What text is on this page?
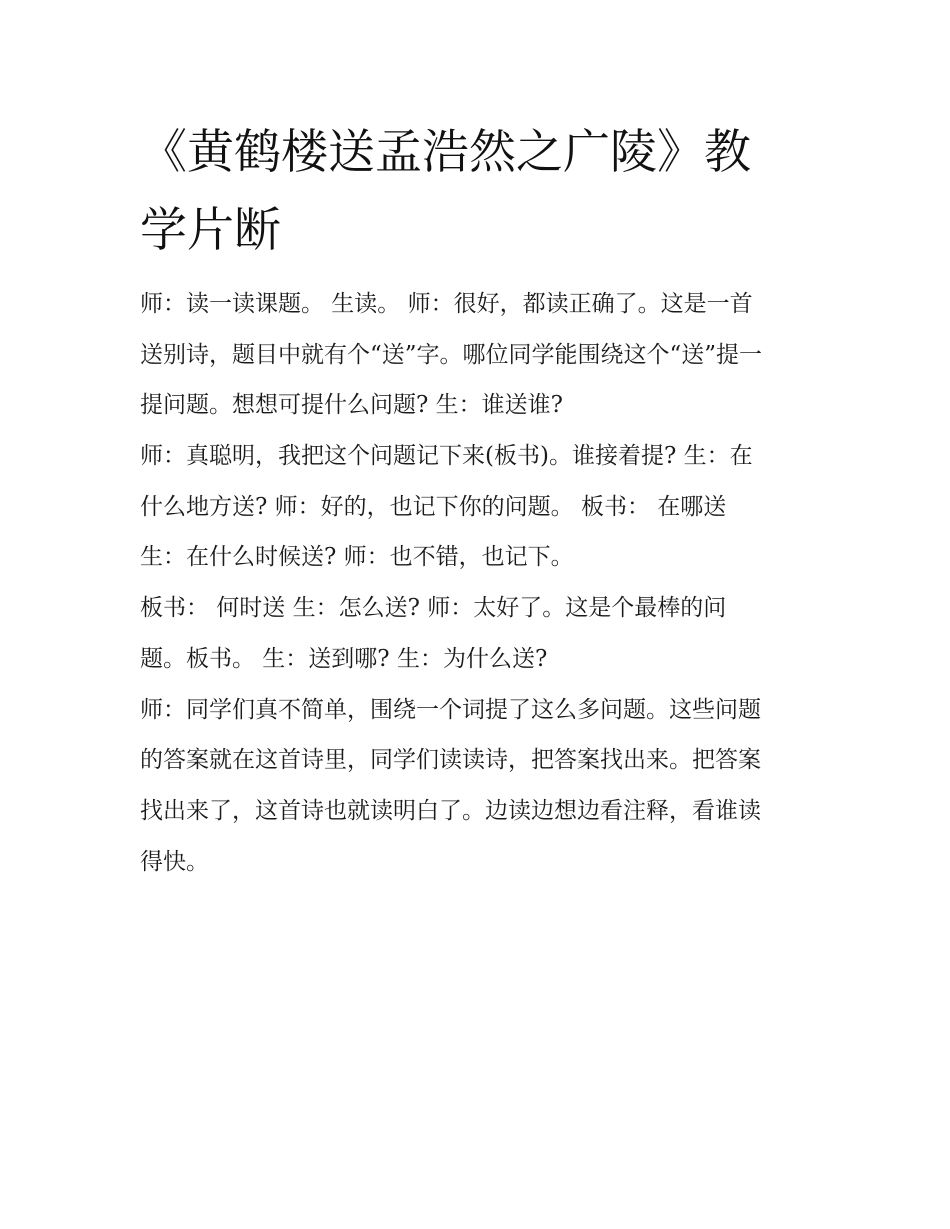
《黄鹤楼送孟浩然之广陵》教
学片断

师：读一读课题。 生读。 师：很好，都读正确了。这是一首
送别诗，题目中就有个“送”字。哪位同学能围绕这个“送”提一
提问题。想想可提什么问题? 生：谁送谁?

师：真聪明，我把这个问题记下来(板书)。谁接着提? 生：在
什么地方送? 师：好的，也记下你的问题。 板书： 在哪送

生：在什么时候送? 师：也不错，也记下。

板书： 何时送 生：怎么送? 师：太好了。这是个最棒的问
题。板书。 生：送到哪? 生：为什么送?

师：同学们真不简单，围绕一个词提了这么多问题。这些问题
的答案就在这首诗里，同学们读读诗，把答案找出来。把答案
找出来了，这首诗也就读明白了。边读边想边看注释，看谁读
得快。
